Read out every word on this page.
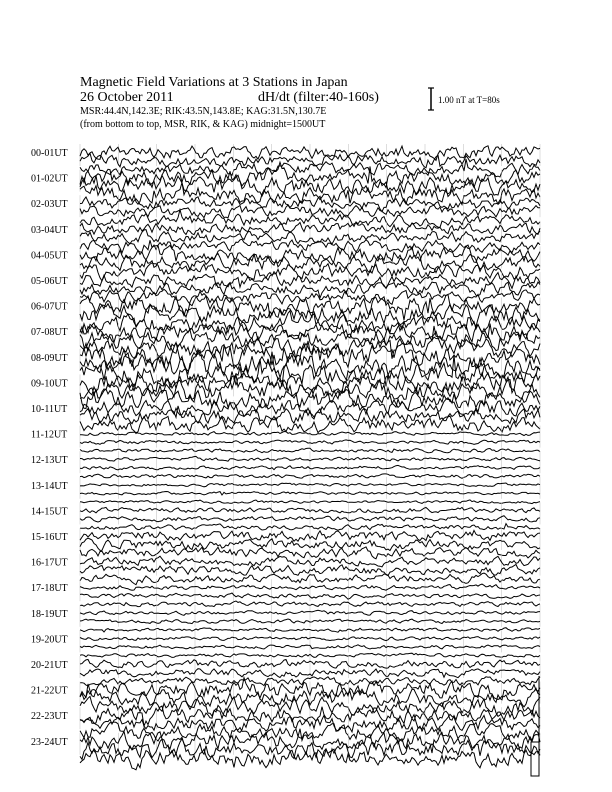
Magnetic Field Variations at 3 Stations in Japan
26 October 2011	dH/dt (filter:40-160s)
MSR:44.4N,142.3E; RIK:43.5N,143.8E; KAG:31.5N,130.7E
(from bottom to top, MSR, RIK, & KAG) midnight=1500UT
1.00 nT at T=80s
00-01UT
01-02UT
02-03UT
03-04UT
04-05UT
05-06UT
06-07UT
07-08UT
08-09UT
09-10UT
10-11UT
11-12UT
12-13UT
13-14UT
14-15UT
15-16UT
16-17UT
17-18UT
18-19UT
19-20UT
20-21UT
21-22UT
22-23UT
23-24UT
